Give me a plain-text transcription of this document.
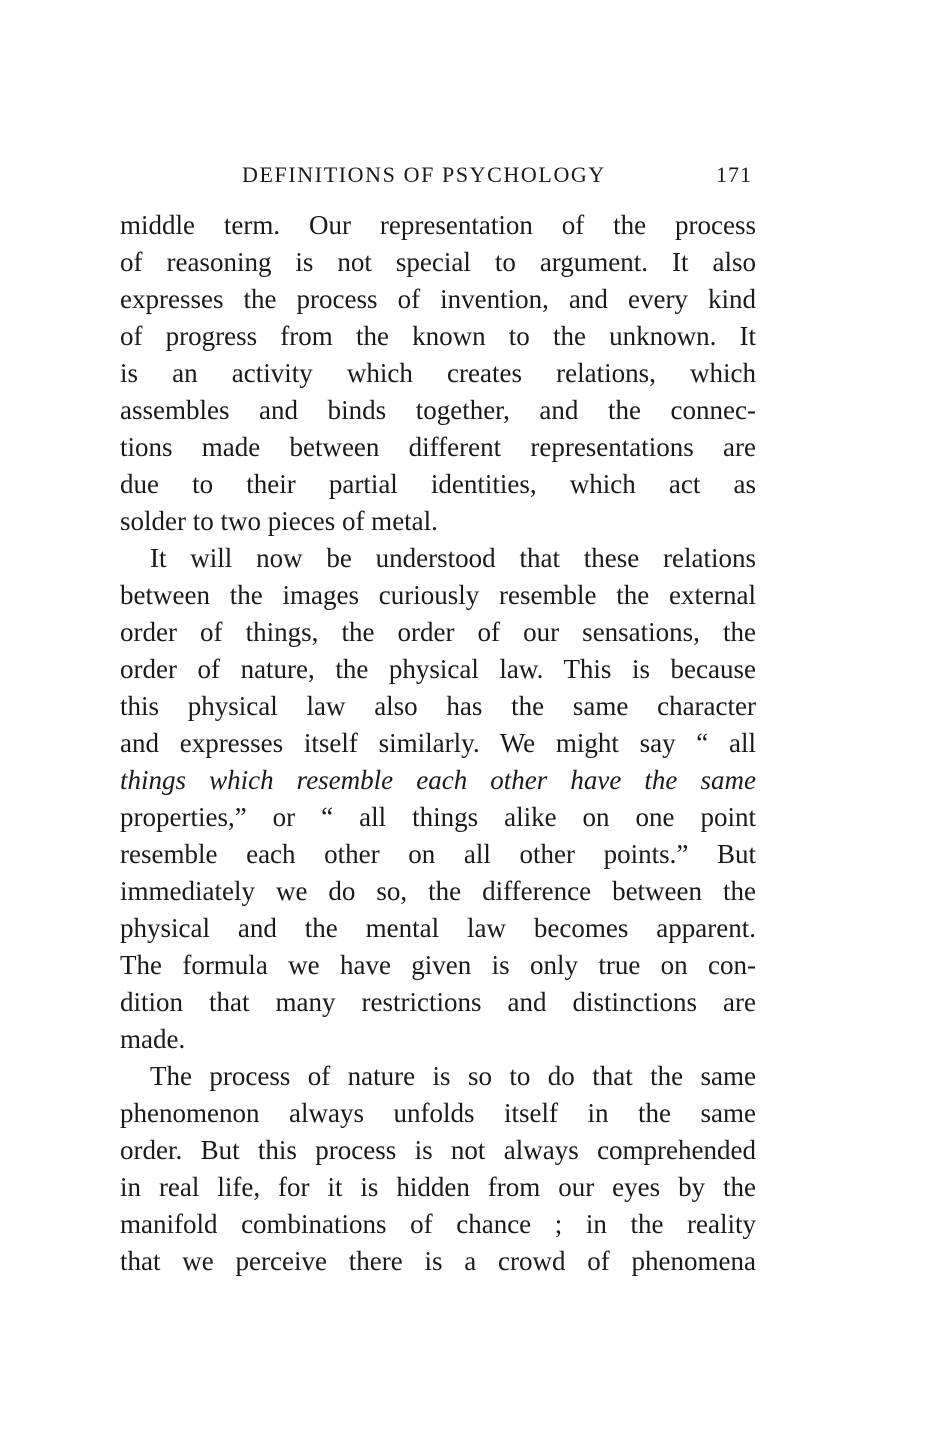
DEFINITIONS OF PSYCHOLOGY	171
middle term. Our representation of the process
of reasoning is not special to argument. It also
expresses the process of invention, and every kind
of progress from the known to the unknown. It
is an activity which creates relations, which
assembles and binds together, and the connec-
tions made between different representations are
due to their partial identities, which act as
solder to two pieces of metal.
It will now be understood that these relations
between the images curiously resemble the external
order of things, the order of our sensations, the
order of nature, the physical law. This is because
this physical law also has the same character
and expresses itself similarly. We might say “ all
things which resemble each other have the same
properties,” or “ all things alike on one point
resemble each other on all other points.” But
immediately we do so, the difference between the
physical and the mental law becomes apparent.
The formula we have given is only true on con-
dition that many restrictions and distinctions are
made.
The process of nature is so to do that the same
phenomenon always unfolds itself in the same
order. But this process is not always comprehended
in real life, for it is hidden from our eyes by the
manifold combinations of chance ; in the reality
that we perceive there is a crowd of phenomena
